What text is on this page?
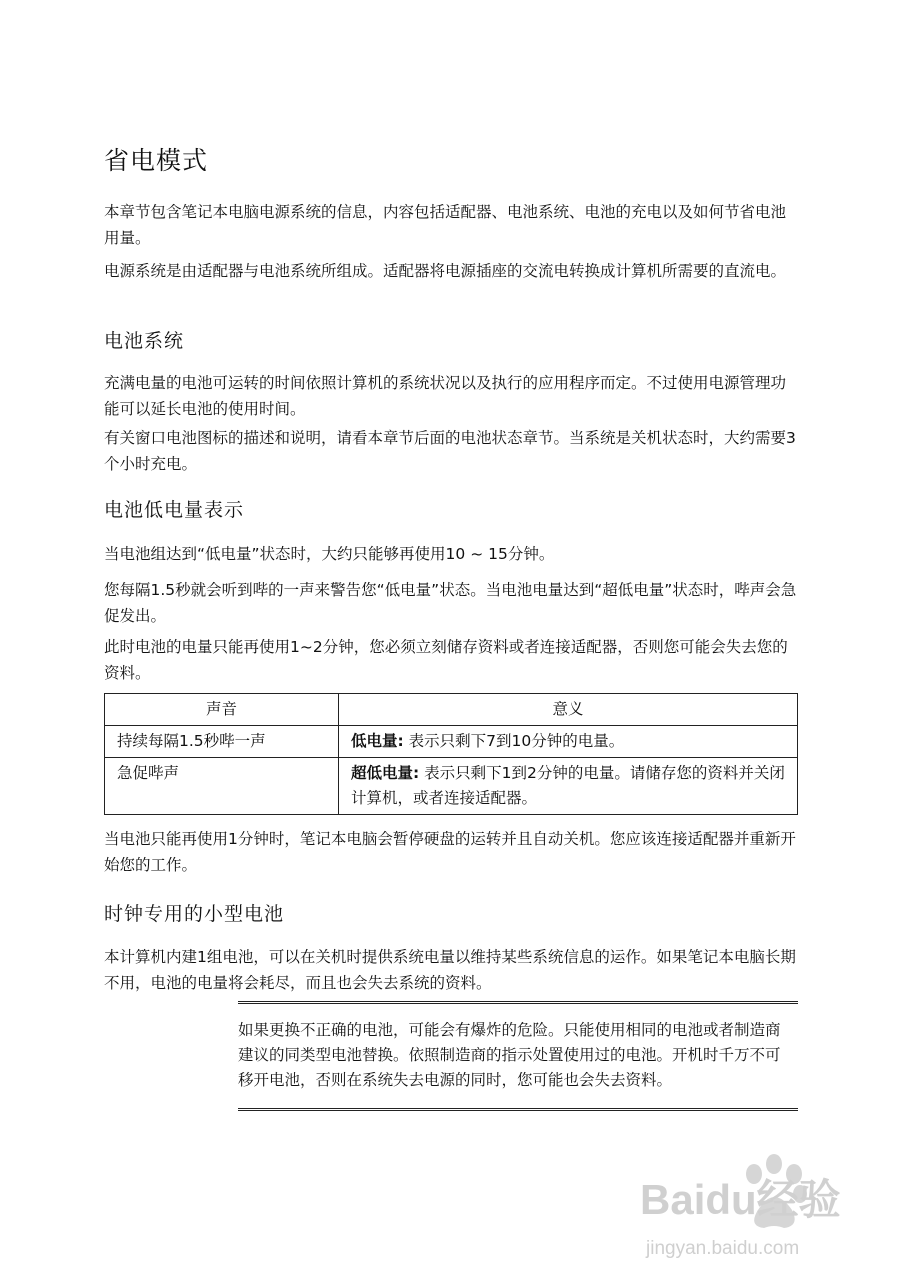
省电模式

本章节包含笔记本电脑电源系统的信息，内容包括适配器、电池系统、电池的充电以及如何节省电池用量。

电源系统是由适配器与电池系统所组成。适配器将电源插座的交流电转换成计算机所需要的直流电。

电池系统

充满电量的电池可运转的时间依照计算机的系统状况以及执行的应用程序而定。不过使用电源管理功能可以延长电池的使用时间。

有关窗口电池图标的描述和说明，请看本章节后面的电池状态章节。当系统是关机状态时，大约需要3个小时充电。

电池低电量表示

当电池组达到“低电量”状态时，大约只能够再使用10 ~ 15分钟。

您每隔1.5秒就会听到哔的一声来警告您“低电量”状态。当电池电量达到“超低电量”状态时，哔声会急促发出。

此时电池的电量只能再使用1~2分钟，您必须立刻储存资料或者连接适配器，否则您可能会失去您的资料。

声音	意义
持续每隔1.5秒哔一声	低电量: 表示只剩下7到10分钟的电量。
急促哔声	超低电量: 表示只剩下1到2分钟的电量。请储存您的资料并关闭计算机，或者连接适配器。

当电池只能再使用1分钟时，笔记本电脑会暂停硬盘的运转并且自动关机。您应该连接适配器并重新开始您的工作。

时钟专用的小型电池

本计算机内建1组电池，可以在关机时提供系统电量以维持某些系统信息的运作。如果笔记本电脑长期不用，电池的电量将会耗尽，而且也会失去系统的资料。

如果更换不正确的电池，可能会有爆炸的危险。只能使用相同的电池或者制造商建议的同类型电池替换。依照制造商的指示处置使用过的电池。开机时千万不可移开电池，否则在系统失去电源的同时，您可能也会失去资料。
Baidu经验
jingyan.baidu.com
